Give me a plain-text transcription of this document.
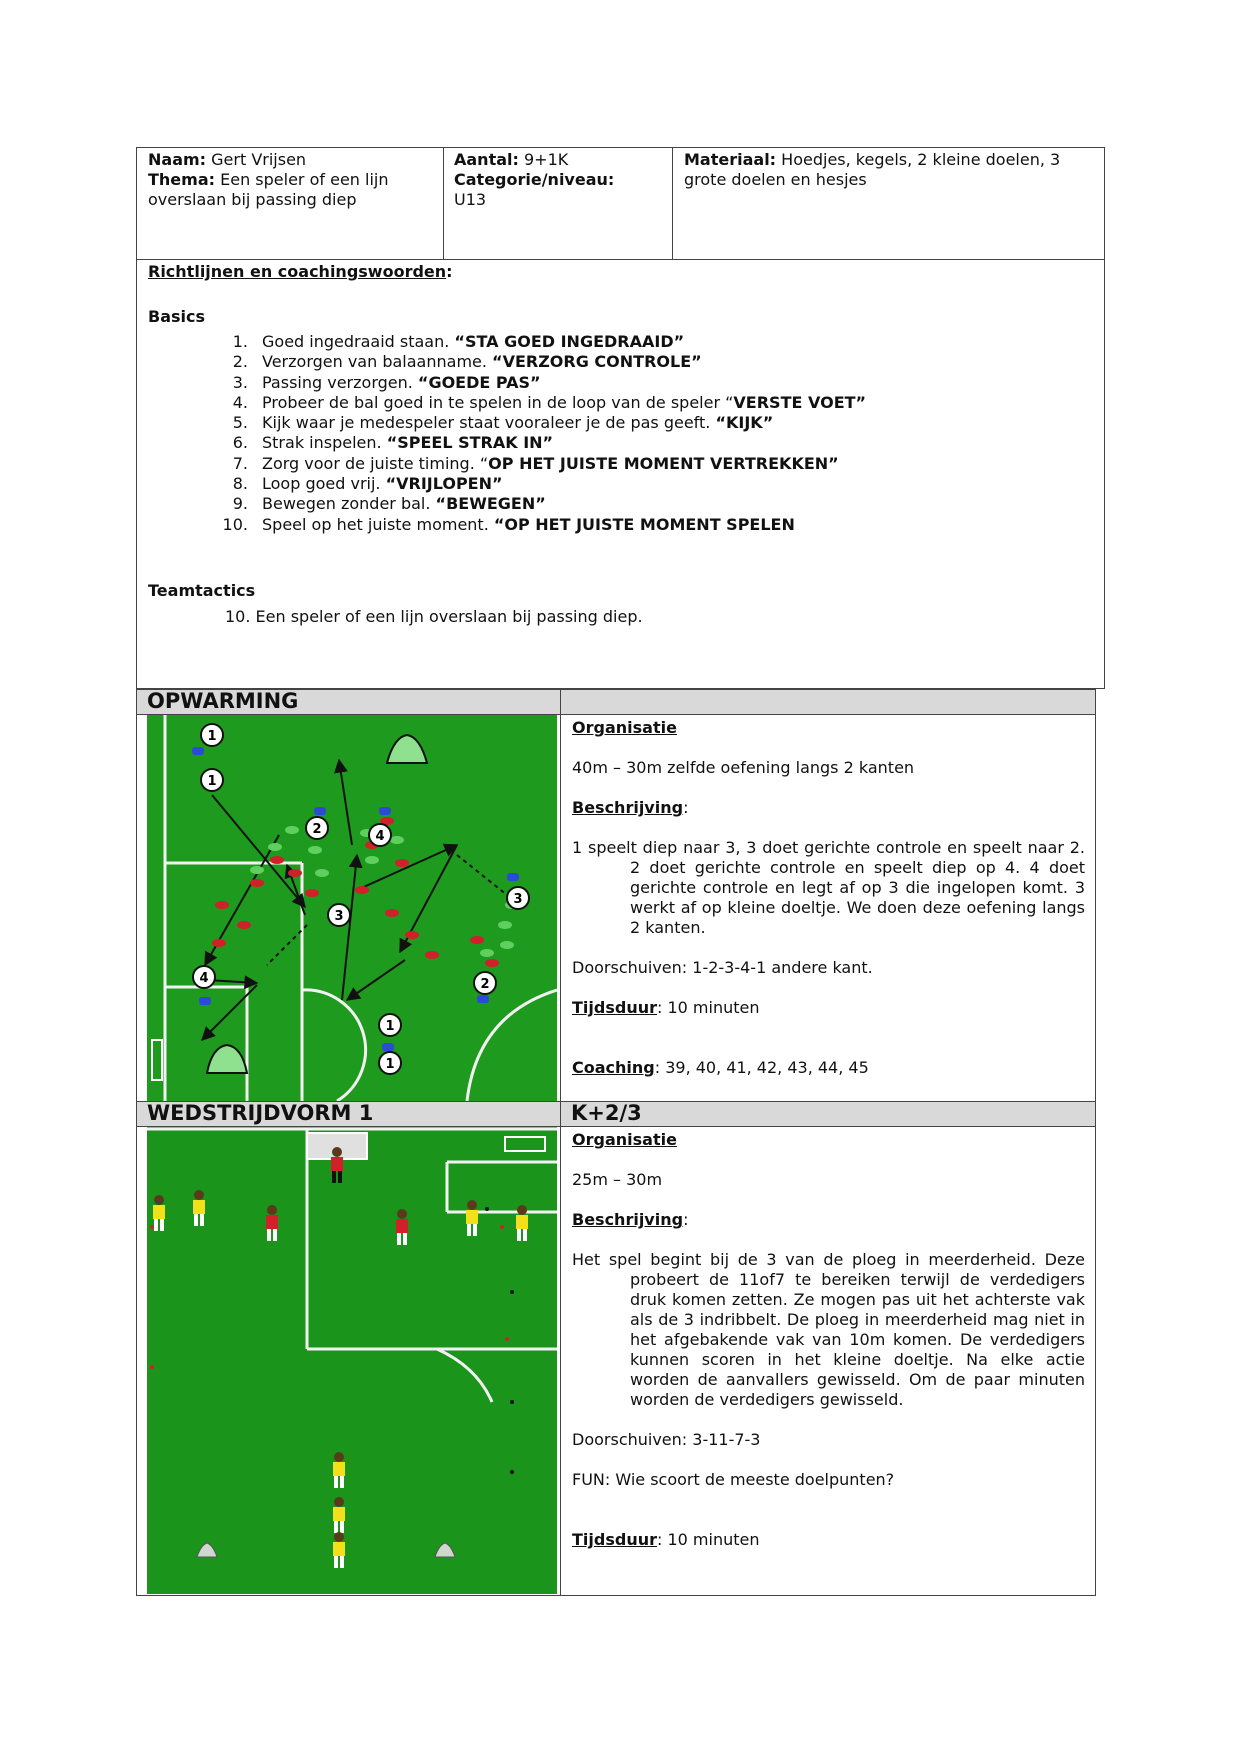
Naam: Gert Vrijsen
Thema: Een speler of een lijn overslaan bij passing diep
Aantal: 9+1K
Categorie/niveau:
U13
Materiaal: Hoedjes, kegels, 2 kleine doelen, 3 grote doelen en hesjes
Richtlijnen en coachingswoorden:
Basics
1. Goed ingedraaid staan. “STA GOED INGEDRAAID”
2. Verzorgen van balaanname. “VERZORG CONTROLE”
3. Passing verzorgen. “GOEDE PAS”
4. Probeer de bal goed in te spelen in de loop van de speler “VERSTE VOET”
5. Kijk waar je medespeler staat vooraleer je de pas geeft. “KIJK”
6. Strak inspelen. “SPEEL STRAK IN”
7. Zorg voor de juiste timing. “OP HET JUISTE MOMENT VERTREKKEN”
8. Loop goed vrij. “VRIJLOPEN”
9. Bewegen zonder bal. “BEWEGEN”
10. Speel op het juiste moment. “OP HET JUISTE MOMENT SPELEN
Teamtactics
10. Een speler of een lijn overslaan bij passing diep.
OPWARMING
1
1
2
3
4
4
3
2
1
1

Organisatie

40m – 30m zelfde oefening langs 2 kanten

Beschrijving:

1 speelt diep naar 3, 3 doet gerichte controle en speelt naar 2. 2 doet gerichte controle en speelt diep op 4. 4 doet gerichte controle en legt af op 3 die ingelopen komt. 3 werkt af op kleine doeltje. We doen deze oefening langs 2 kanten.

Doorschuiven: 1-2-3-4-1 andere kant.

Tijdsduur: 10 minuten

Coaching: 39, 40, 41, 42, 43, 44, 45

WEDSTRIJDVORM 1	K+2/3

Organisatie

25m – 30m

Beschrijving:

Het spel begint bij de 3 van de ploeg in meerderheid. Deze probeert de 11of7 te bereiken terwijl de verdedigers druk komen zetten. Ze mogen pas uit het achterste vak als de 3 indribbelt. De ploeg in meerderheid mag niet in het afgebakende vak van 10m komen. De verdedigers kunnen scoren in het kleine doeltje. Na elke actie worden de aanvallers gewisseld. Om de paar minuten worden de verdedigers gewisseld.

Doorschuiven: 3-11-7-3

FUN: Wie scoort de meeste doelpunten?

Tijdsduur: 10 minuten
